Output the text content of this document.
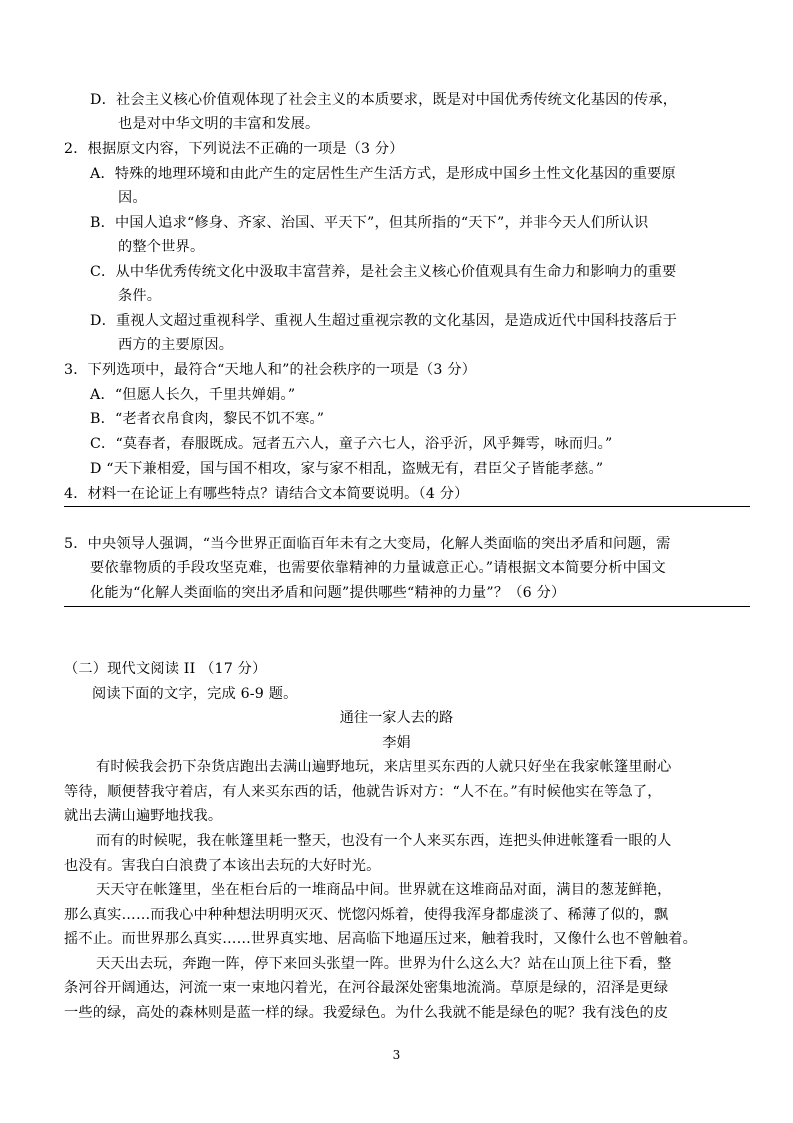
D．社会主义核心价值观体现了社会主义的本质要求，既是对中国优秀传统文化基因的传承，
也是对中华文明的丰富和发展。
2．根据原文内容，下列说法不正确的一项是（3 分）
A．特殊的地理环境和由此产生的定居性生产生活方式，是形成中国乡土性文化基因的重要原
因。
B．中国人追求“修身、齐家、治国、平天下”，但其所指的“天下”，并非今天人们所认识
的整个世界。
C．从中华优秀传统文化中汲取丰富营养，是社会主义核心价值观具有生命力和影响力的重要
条件。
D．重视人文超过重视科学、重视人生超过重视宗教的文化基因，是造成近代中国科技落后于
西方的主要原因。
3．下列选项中，最符合“天地人和”的社会秩序的一项是（3 分）
A．“但愿人长久，千里共婵娟。”
B．“老者衣帛食肉，黎民不饥不寒。”
C．“莫春者，春服既成。冠者五六人，童子六七人，浴乎沂，风乎舞雩，咏而归。”
D “天下兼相爱，国与国不相攻，家与家不相乱，盗贼无有，君臣父子皆能孝慈。”
4．材料一在论证上有哪些特点？请结合文本简要说明。（4 分）
5．中央领导人强调，“当今世界正面临百年未有之大变局，化解人类面临的突出矛盾和问题，需
要依靠物质的手段攻坚克难，也需要依靠精神的力量诚意正心。”请根据文本简要分析中国文
化能为“化解人类面临的突出矛盾和问题”提供哪些“精神的力量”？（6 分）
（二）现代文阅读 II （17 分）
阅读下面的文字，完成 6-9 题。
通往一家人去的路
李娟
有时候我会扔下杂货店跑出去满山遍野地玩，来店里买东西的人就只好坐在我家帐篷里耐心
等待，顺便替我守着店，有人来买东西的话，他就告诉对方：“人不在。”有时候他实在等急了，
就出去满山遍野地找我。
而有的时候呢，我在帐篷里耗一整天，也没有一个人来买东西，连把头伸进帐篷看一眼的人
也没有。害我白白浪费了本该出去玩的大好时光。
天天守在帐篷里，坐在柜台后的一堆商品中间。世界就在这堆商品对面，满目的葱茏鲜艳，
那么真实……而我心中种种想法明明灭灭、恍惚闪烁着，使得我浑身都虚淡了、稀薄了似的，飘
摇不止。而世界那么真实……世界真实地、居高临下地逼压过来，触着我时，又像什么也不曾触着。
天天出去玩，奔跑一阵，停下来回头张望一阵。世界为什么这么大？站在山顶上往下看，整
条河谷开阔通达，河流一束一束地闪着光，在河谷最深处密集地流淌。草原是绿的，沼泽是更绿
一些的绿，高处的森林则是蓝一样的绿。我爱绿色。为什么我就不能是绿色的呢？我有浅色的皮
3
